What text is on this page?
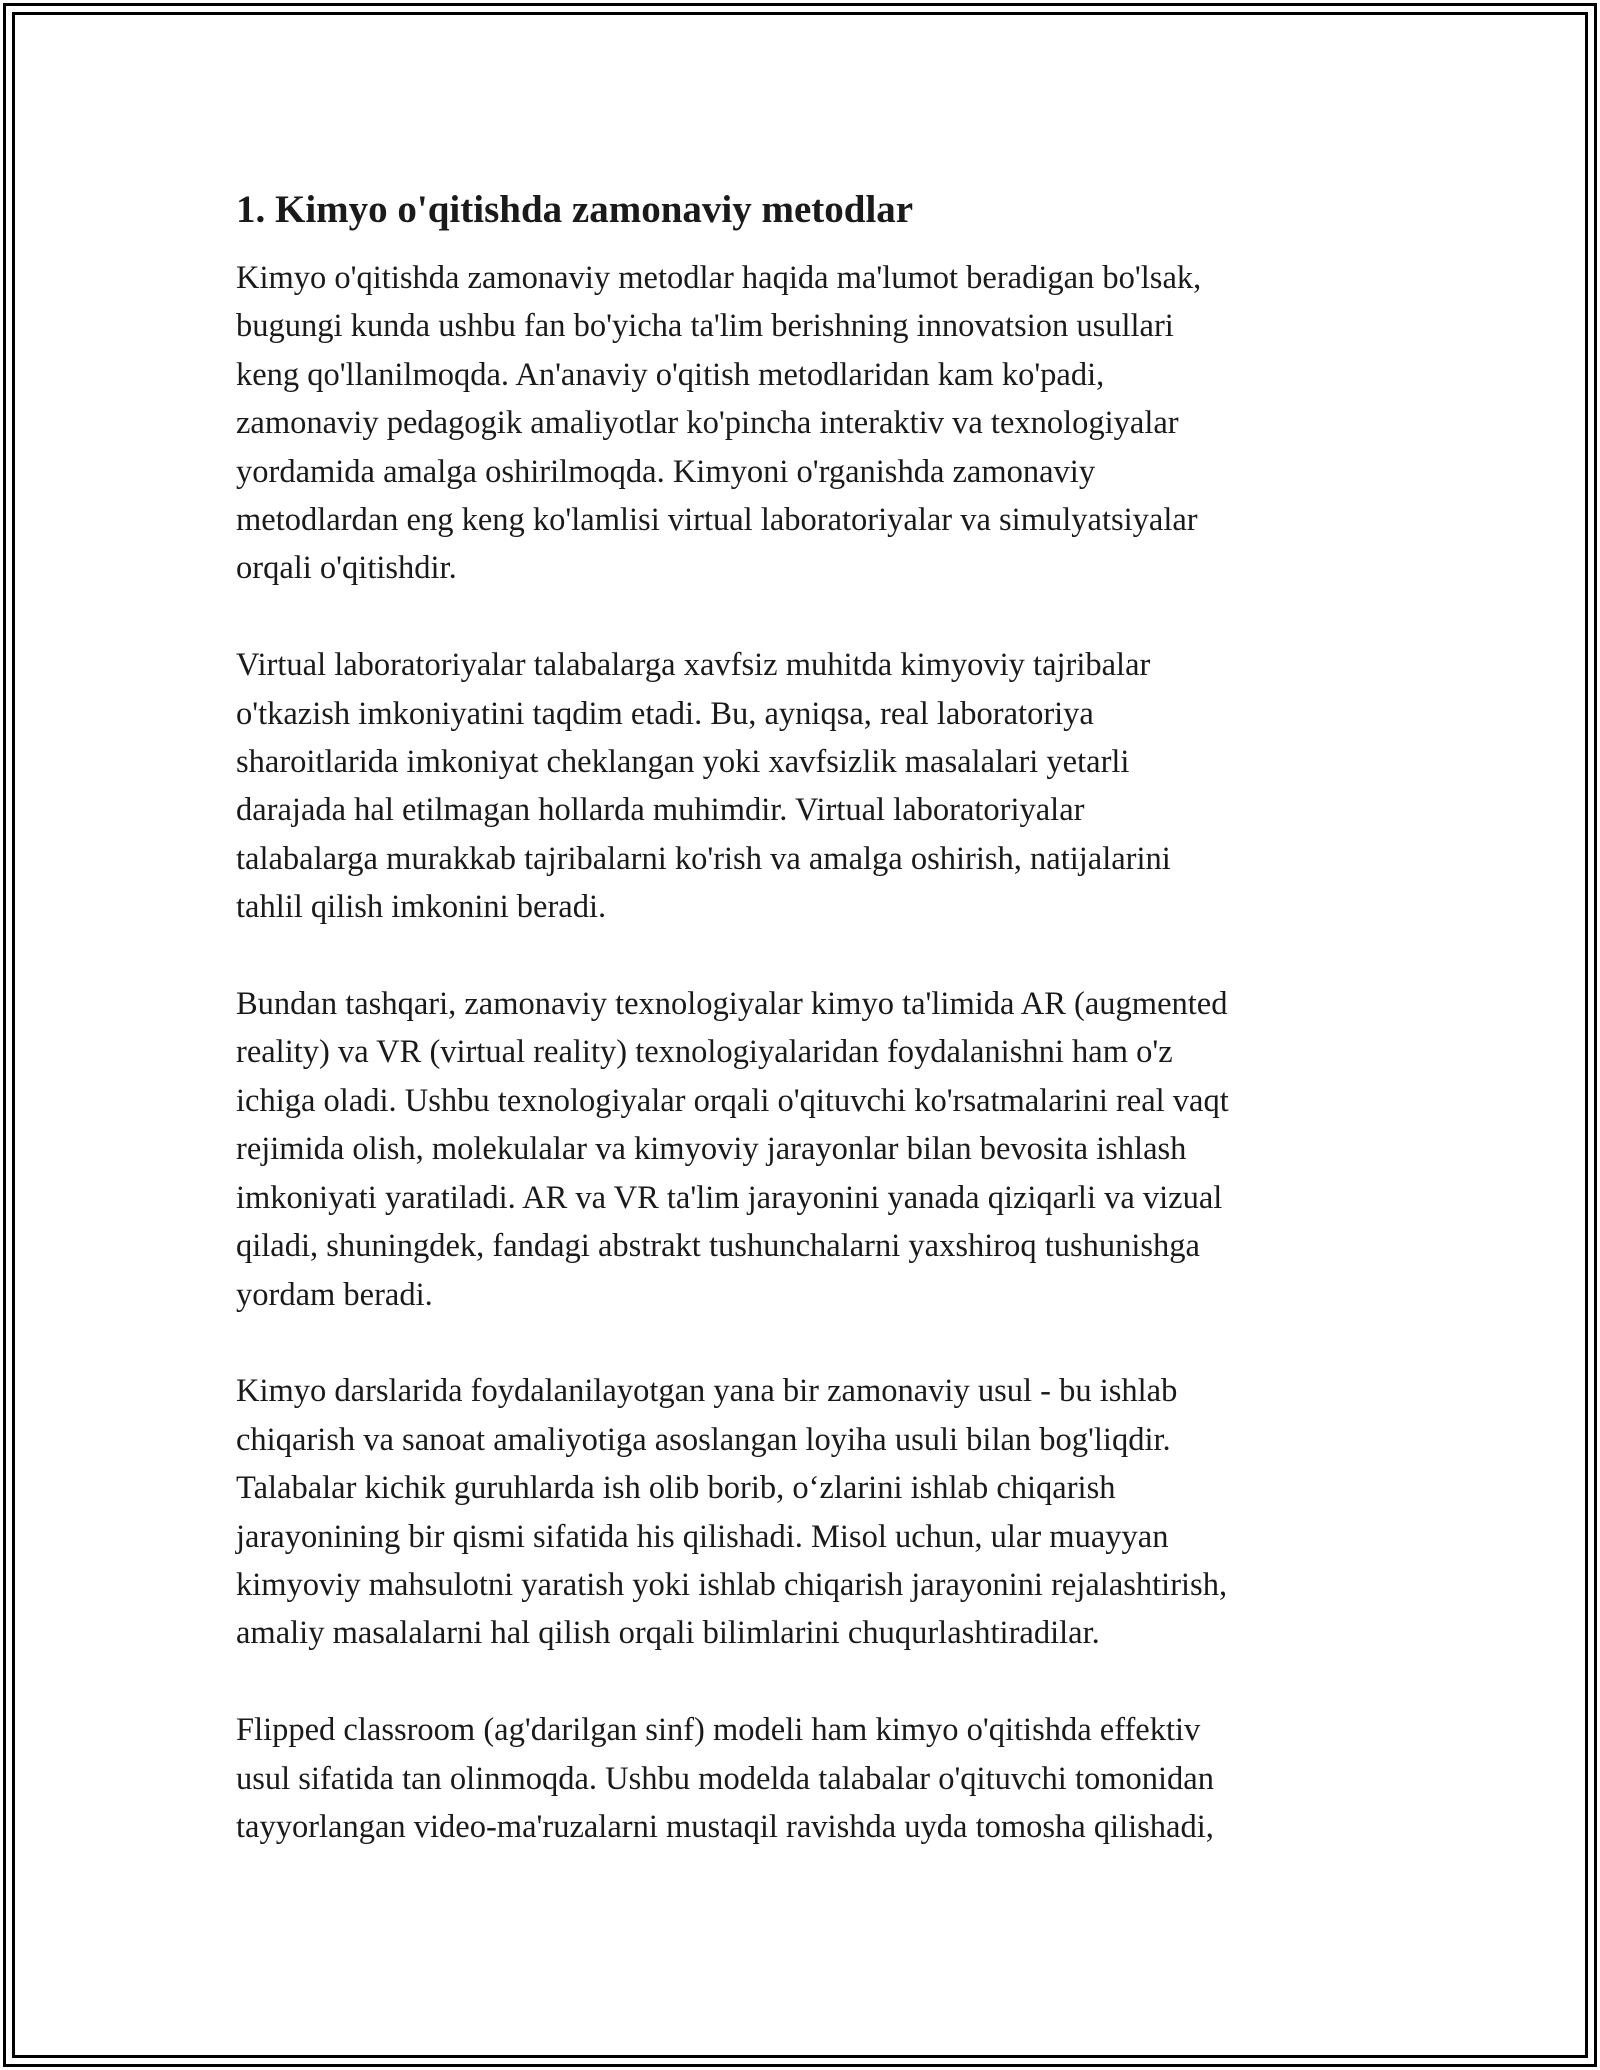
1. Kimyo o'qitishda zamonaviy metodlar

Kimyo o'qitishda zamonaviy metodlar haqida ma'lumot beradigan bo'lsak,
bugungi kunda ushbu fan bo'yicha ta'lim berishning innovatsion usullari
keng qo'llanilmoqda. An'anaviy o'qitish metodlaridan kam ko'padi,
zamonaviy pedagogik amaliyotlar ko'pincha interaktiv va texnologiyalar
yordamida amalga oshirilmoqda. Kimyoni o'rganishda zamonaviy
metodlardan eng keng ko'lamlisi virtual laboratoriyalar va simulyatsiyalar
orqali o'qitishdir.

Virtual laboratoriyalar talabalarga xavfsiz muhitda kimyoviy tajribalar
o'tkazish imkoniyatini taqdim etadi. Bu, ayniqsa, real laboratoriya
sharoitlarida imkoniyat cheklangan yoki xavfsizlik masalalari yetarli
darajada hal etilmagan hollarda muhimdir. Virtual laboratoriyalar
talabalarga murakkab tajribalarni ko'rish va amalga oshirish, natijalarini
tahlil qilish imkonini beradi.

Bundan tashqari, zamonaviy texnologiyalar kimyo ta'limida AR (augmented
reality) va VR (virtual reality) texnologiyalaridan foydalanishni ham o'z
ichiga oladi. Ushbu texnologiyalar orqali o'qituvchi ko'rsatmalarini real vaqt
rejimida olish, molekulalar va kimyoviy jarayonlar bilan bevosita ishlash
imkoniyati yaratiladi. AR va VR ta'lim jarayonini yanada qiziqarli va vizual
qiladi, shuningdek, fandagi abstrakt tushunchalarni yaxshiroq tushunishga
yordam beradi.

Kimyo darslarida foydalanilayotgan yana bir zamonaviy usul - bu ishlab
chiqarish va sanoat amaliyotiga asoslangan loyiha usuli bilan bog'liqdir.
Talabalar kichik guruhlarda ish olib borib, o‘zlarini ishlab chiqarish
jarayonining bir qismi sifatida his qilishadi. Misol uchun, ular muayyan
kimyoviy mahsulotni yaratish yoki ishlab chiqarish jarayonini rejalashtirish,
amaliy masalalarni hal qilish orqali bilimlarini chuqurlashtiradilar.

Flipped classroom (ag'darilgan sinf) modeli ham kimyo o'qitishda effektiv
usul sifatida tan olinmoqda. Ushbu modelda talabalar o'qituvchi tomonidan
tayyorlangan video-ma'ruzalarni mustaqil ravishda uyda tomosha qilishadi,
